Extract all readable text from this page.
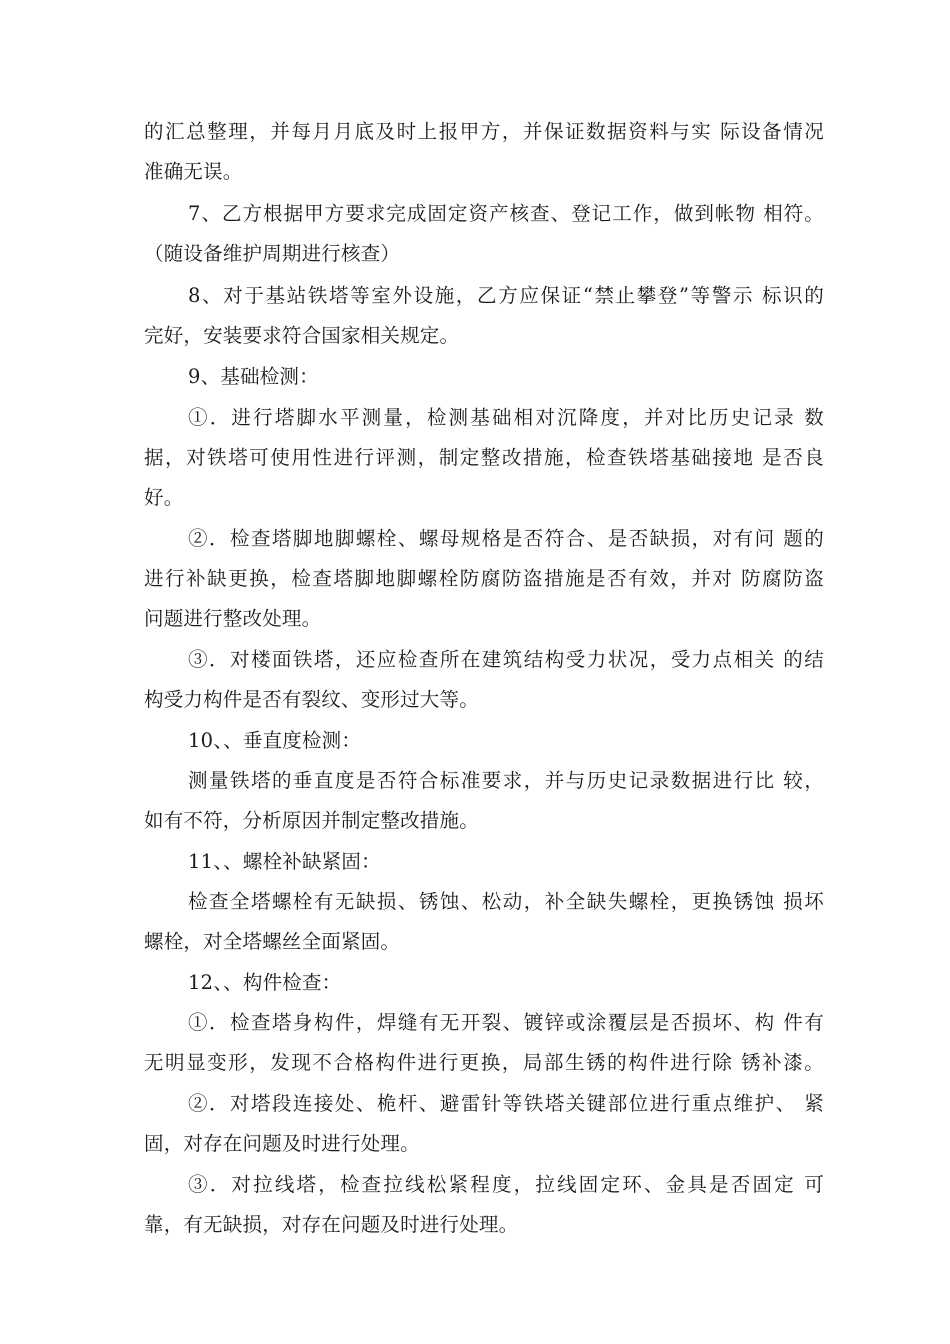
的汇总整理，并每月月底及时上报甲方，并保证数据资料与实 际设备情况
准确无误。
7、乙方根据甲方要求完成固定资产核查、登记工作，做到帐物 相符。
（随设备维护周期进行核查）
8、对于基站铁塔等室外设施，乙方应保证“禁止攀登”等警示 标识的
完好，安装要求符合国家相关规定。
9、基础检测：
①．进行塔脚水平测量，检测基础相对沉降度，并对比历史记录 数
据，对铁塔可使用性进行评测，制定整改措施，检查铁塔基础接地 是否良
好。
②．检查塔脚地脚螺栓、螺母规格是否符合、是否缺损，对有问 题的
进行补缺更换，检查塔脚地脚螺栓防腐防盗措施是否有效，并对 防腐防盗
问题进行整改处理。
③．对楼面铁塔，还应检查所在建筑结构受力状况，受力点相关 的结
构受力构件是否有裂纹、变形过大等。
10、、垂直度检测：
测量铁塔的垂直度是否符合标准要求，并与历史记录数据进行比 较，
如有不符，分析原因并制定整改措施。
11、、螺栓补缺紧固：
检查全塔螺栓有无缺损、锈蚀、松动，补全缺失螺栓，更换锈蚀 损坏
螺栓，对全塔螺丝全面紧固。
12、、构件检查：
①．检查塔身构件，焊缝有无开裂、镀锌或涂覆层是否损坏、构 件有
无明显变形，发现不合格构件进行更换，局部生锈的构件进行除 锈补漆。
②．对塔段连接处、桅杆、避雷针等铁塔关键部位进行重点维护、 紧
固，对存在问题及时进行处理。
③．对拉线塔，检查拉线松紧程度，拉线固定环、金具是否固定 可
靠，有无缺损，对存在问题及时进行处理。
